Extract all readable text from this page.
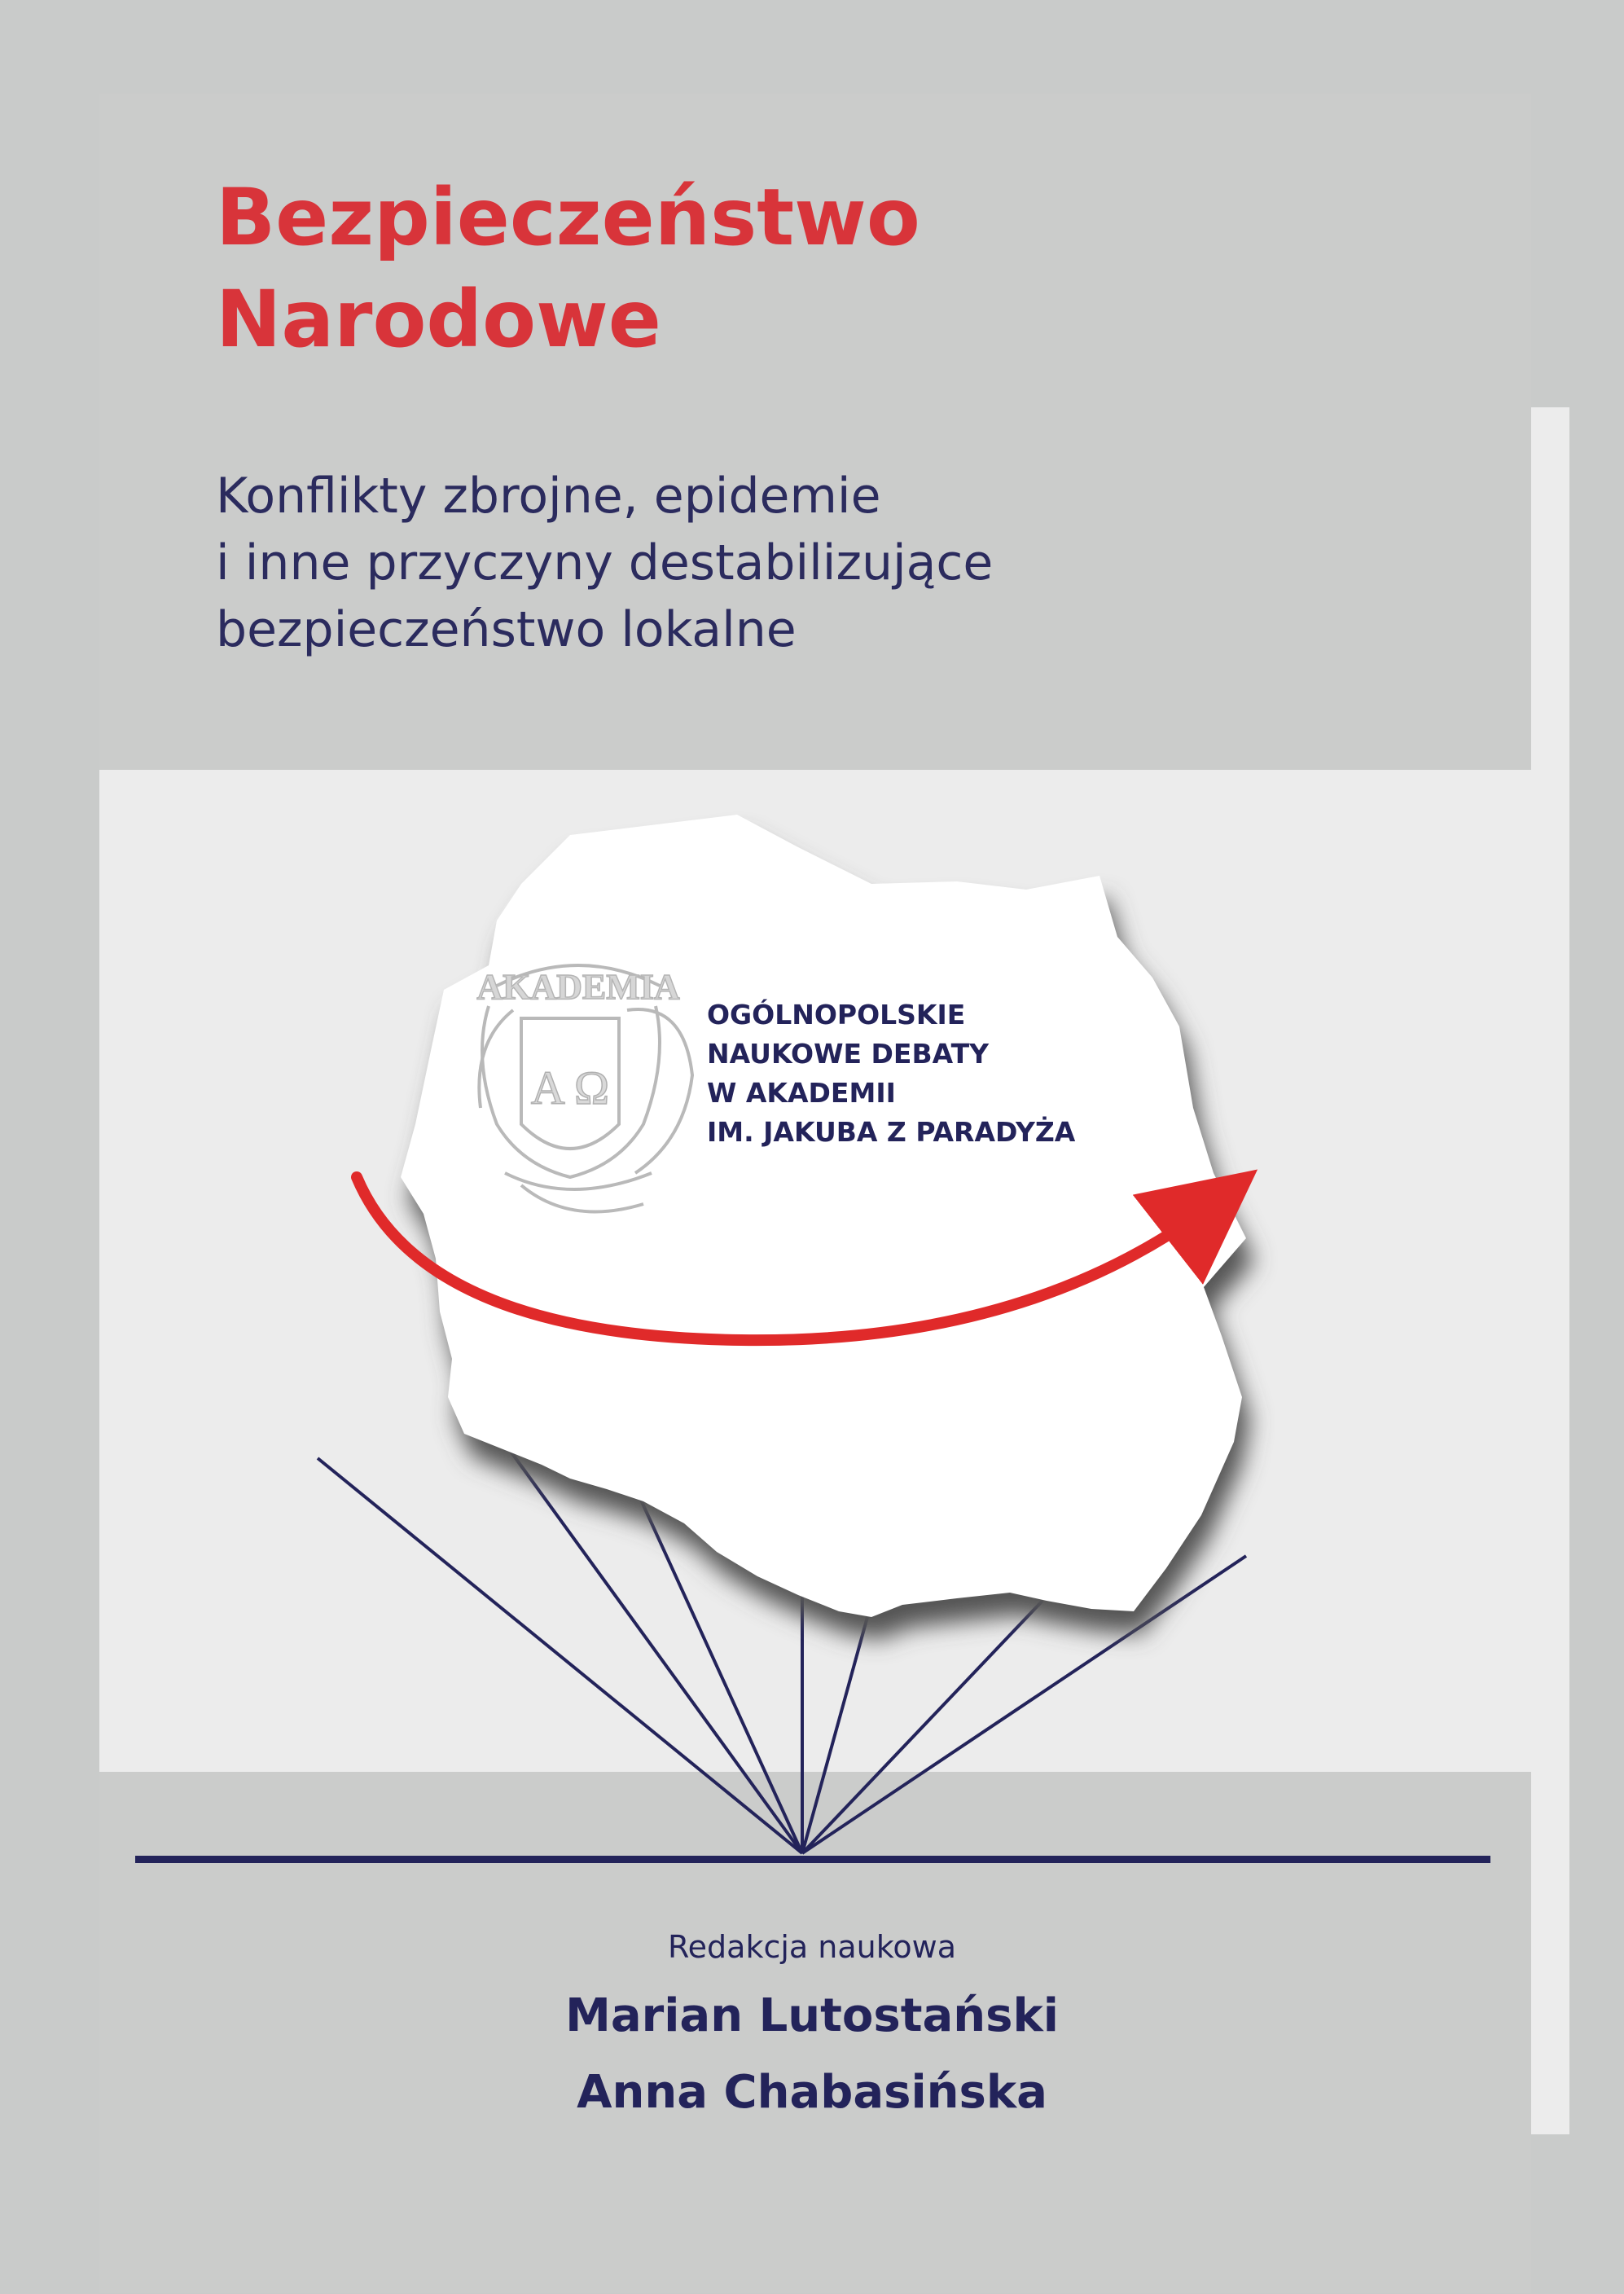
Bezpieczeństwo
Narodowe

Konflikty zbrojne, epidemie
i inne przyczyny destabilizujące
bezpieczeństwo lokalne

AKADEMIA
A Ω
OGÓLNOPOLSKIE
NAUKOWE DEBATY
W AKADEMII
IM. JAKUBA Z PARADYŻA
Redakcja naukowa
Marian Lutostański
Anna Chabasińska
